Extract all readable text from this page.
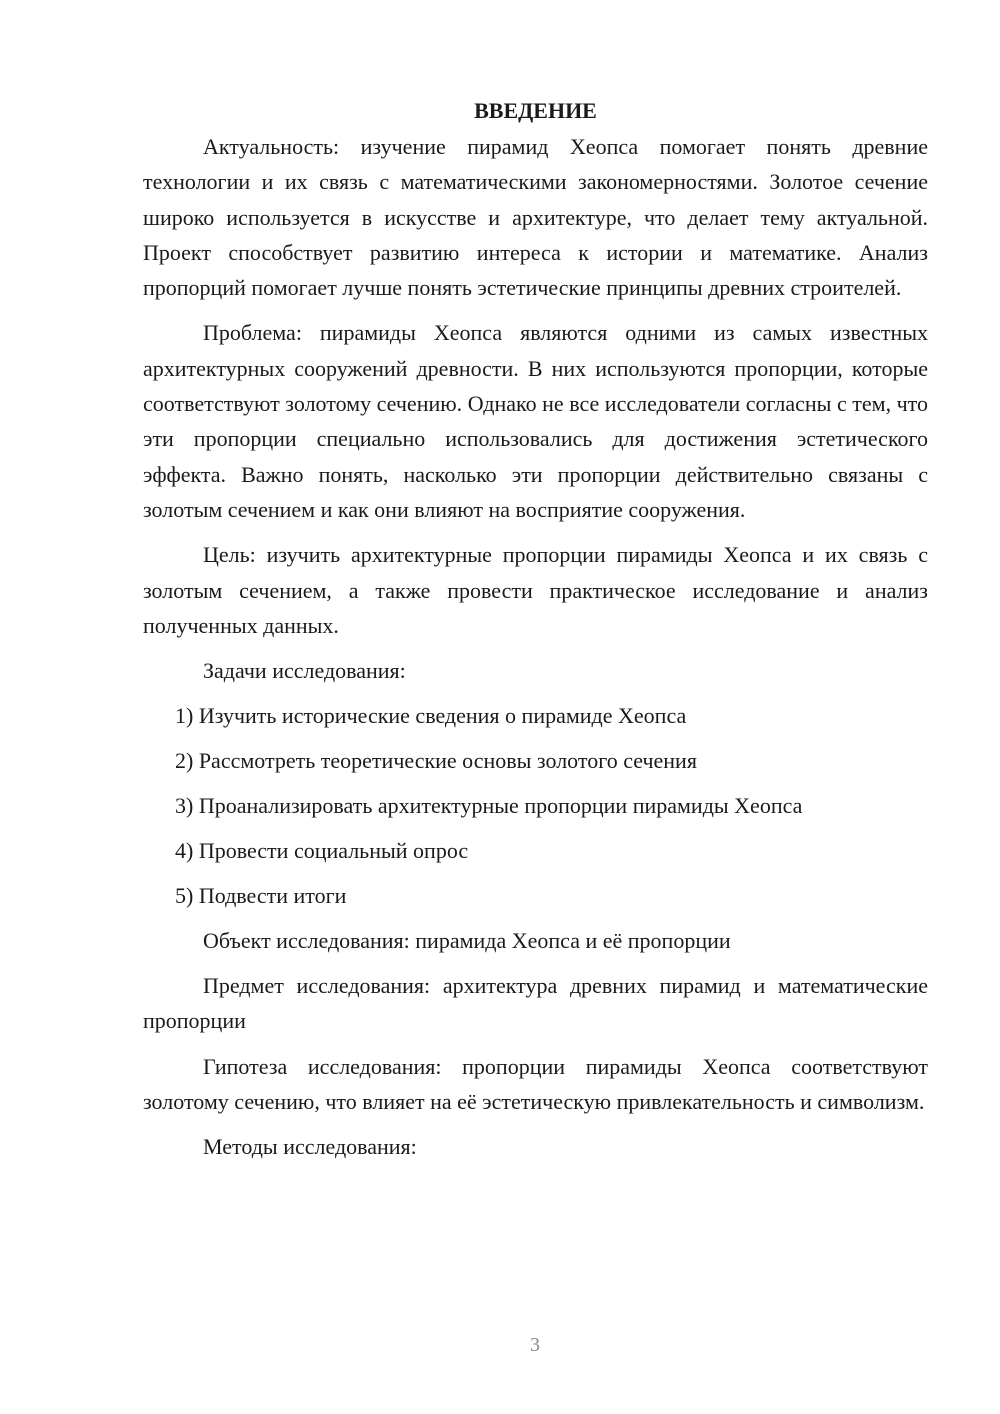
ВВЕДЕНИЕ

Актуальность: изучение пирамид Хеопса помогает понять древние технологии и их связь с математическими закономерностями. Золотое сечение широко используется в искусстве и архитектуре, что делает тему актуальной. Проект способствует развитию интереса к истории и математике. Анализ пропорций помогает лучше понять эстетические принципы древних строителей.

Проблема: пирамиды Хеопса являются одними из самых известных архитектурных сооружений древности. В них используются пропорции, которые соответствуют золотому сечению. Однако не все исследователи согласны с тем, что эти пропорции специально использовались для достижения эстетического эффекта. Важно понять, насколько эти пропорции действительно связаны с золотым сечением и как они влияют на восприятие сооружения.

Цель: изучить архитектурные пропорции пирамиды Хеопса и их связь с золотым сечением, а также провести практическое исследование и анализ полученных данных.

Задачи исследования:

1) Изучить исторические сведения о пирамиде Хеопса
2) Рассмотреть теоретические основы золотого сечения
3) Проанализировать архитектурные пропорции пирамиды Хеопса
4) Провести социальный опрос
5) Подвести итоги

Объект исследования: пирамида Хеопса и её пропорции

Предмет исследования: архитектура древних пирамид и математические пропорции

Гипотеза исследования: пропорции пирамиды Хеопса соответствуют золотому сечению, что влияет на её эстетическую привлекательность и символизм.

Методы исследования:

3
